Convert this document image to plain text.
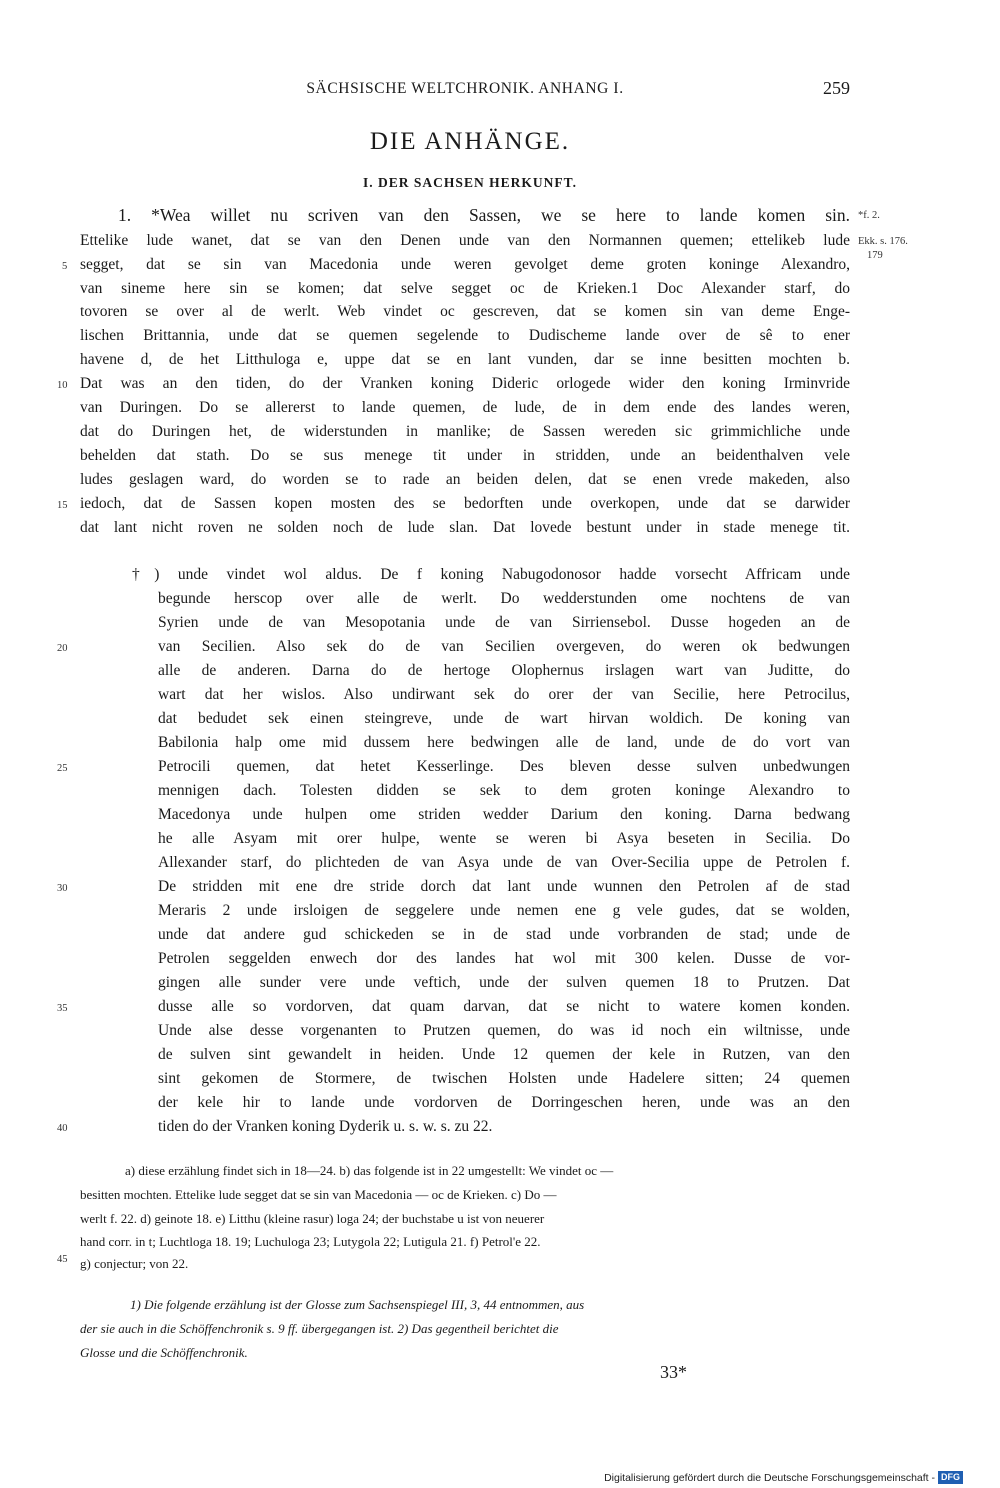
SÄCHSISCHE WELTCHRONIK. ANHANG I.	259
DIE ANHÄNGE.
I. DER SACHSEN HERKUNFT.
*f. 2.
Ekk. s. 176.
179
1. *Wea willet nu scriven van den Sassen, we se here to lande komen sin.
Ettelike lude wanet, dat se van den Denen unde van den Normannen quemen; ettelikeb lude
segget, dat se sin van Macedonia unde weren gevolget deme groten koninge Alexandro,
van sineme here sin se komen; dat selve segget oc de Krieken.1 Doc Alexander starf, do
tovoren se over al de werlt. Web vindet oc gescreven, dat se komen sin van deme Enge-
lischen Brittannia, unde dat se quemen segelende to Dudischeme lande over de sê to ener
havene d, de het Litthuloga e, uppe dat se en lant vunden, dar se inne besitten mochten b.
Dat was an den tiden, do der Vranken koning Dideric orlogede wider den koning Irminvride
van Duringen. Do se allererst to lande quemen, de lude, de in dem ende des landes weren,
dat do Duringen het, de widerstunden in manlike; de Sassen wereden sic grimmichliche unde
behelden dat stath. Do se sus menege tit under in stridden, unde an beidenthalven vele
ludes geslagen ward, do worden se to rade an beiden delen, dat se enen vrede makeden, also
iedoch, dat de Sassen kopen mosten des se bedorften unde overkopen, unde dat se darwider
dat lant nicht roven ne solden noch de lude slan. Dat lovede bestunt under in stade menege tit.
†) unde vindet wol aldus. De f koning Nabugodonosor hadde vorsecht Affricam unde
begunde herscop over alle de werlt. Do wedderstunden ome nochtens de van
Syrien unde de van Mesopotania unde de van Sirriensebol. Dusse hogeden an de
van Secilien. Also sek do de van Secilien overgeven, do weren ok bedwungen
alle de anderen. Darna do de hertoge Olophernus irslagen wart van Juditte, do
wart dat her wislos. Also undirwant sek do orer der van Secilie, here Petrocilus,
dat bedudet sek einen steingreve, unde de wart hirvan woldich. De koning van
Babilonia halp ome mid dussem here bedwingen alle de land, unde de do vort van
Petrocili quemen, dat hetet Kesserlinge. Des bleven desse sulven unbedwungen
mennigen dach. Tolesten didden se sek to dem groten koninge Alexandro to
Macedonya unde hulpen ome striden wedder Darium den koning. Darna bedwang
he alle Asyam mit orer hulpe, wente se weren bi Asya beseten in Secilia. Do
Allexander starf, do plichteden de van Asya unde de van Over-Secilia uppe de Petrolen f.
De stridden mit ene dre stride dorch dat lant unde wunnen den Petrolen af de stad
Meraris 2 unde irsloigen de seggelere unde nemen ene g vele gudes, dat se wolden,
unde dat andere gud schickeden se in de stad unde vorbranden de stad; unde de
Petrolen seggelden enwech dor des landes hat wol mit 300 kelen. Dusse de vor-
gingen alle sunder vere unde veftich, unde der sulven quemen 18 to Prutzen. Dat
dusse alle so vordorven, dat quam darvan, dat se nicht to watere komen konden.
Unde alse desse vorgenanten to Prutzen quemen, do was id noch ein wiltnisse, unde
de sulven sint gewandelt in heiden. Unde 12 quemen der kele in Rutzen, van den
sint gekomen de Stormere, de twischen Holsten unde Hadelere sitten; 24 quemen
der kele hir to lande unde vordorven de Dorringeschen heren, unde was an den
tiden do der Vranken koning Dyderik u. s. w. s. zu 22.
5
10
15
20
25
30
35
40
45
a) diese erzählung findet sich in 18—24. b) das folgende ist in 22 umgestellt: We vindet oc —
besitten mochten. Ettelike lude segget dat se sin van Macedonia — oc de Krieken. c) Do —
werlt f. 22. d) geinote 18. e) Litthu (kleine rasur) loga 24; der buchstabe u ist von neuerer
hand corr. in t; Luchtloga 18. 19; Luchuloga 23; Lutygola 22; Lutigula 21. f) Petrol'e 22.
g) conjectur; von 22.
1) Die folgende erzählung ist der Glosse zum Sachsenspiegel III, 3, 44 entnommen, aus
der sie auch in die Schöffenchronik s. 9 ff. übergegangen ist. 2) Das gegentheil berichtet die
Glosse und die Schöffenchronik.
33*
Digitalisierung gefördert durch die Deutsche Forschungsgemeinschaft - DFG
